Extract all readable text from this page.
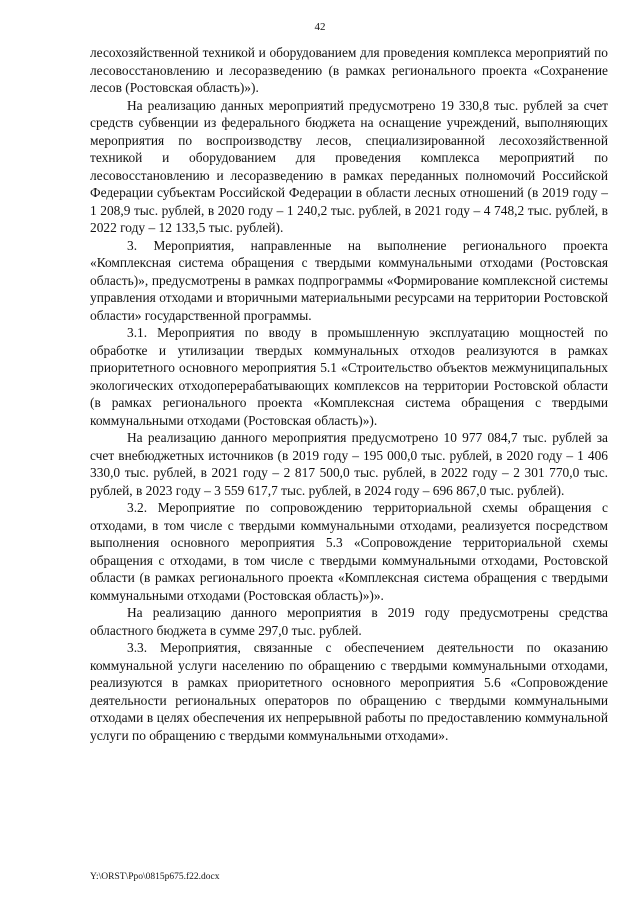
42

лесохозяйственной техникой и оборудованием для проведения комплекса мероприятий по лесовосстановлению и лесоразведению (в рамках регионального проекта «Сохранение лесов (Ростовская область)»).

На реализацию данных мероприятий предусмотрено 19 330,8 тыс. рублей за счет средств субвенции из федерального бюджета на оснащение учреждений, выполняющих мероприятия по воспроизводству лесов, специализированной лесохозяйственной техникой и оборудованием для проведения комплекса мероприятий по лесовосстановлению и лесоразведению в рамках переданных полномочий Российской Федерации субъектам Российской Федерации в области лесных отношений (в 2019 году – 1 208,9 тыс. рублей, в 2020 году – 1 240,2 тыс. рублей, в 2021 году – 4 748,2 тыс. рублей, в 2022 году – 12 133,5 тыс. рублей).

3. Мероприятия, направленные на выполнение регионального проекта «Комплексная система обращения с твердыми коммунальными отходами (Ростовская область)», предусмотрены в рамках подпрограммы «Формирование комплексной системы управления отходами и вторичными материальными ресурсами на территории Ростовской области» государственной программы.

3.1. Мероприятия по вводу в промышленную эксплуатацию мощностей по обработке и утилизации твердых коммунальных отходов реализуются в рамках приоритетного основного мероприятия 5.1 «Строительство объектов межмуниципальных экологических отходоперерабатывающих комплексов на территории Ростовской области (в рамках регионального проекта «Комплексная система обращения с твердыми коммунальными отходами (Ростовская область)»).

На реализацию данного мероприятия предусмотрено 10 977 084,7 тыс. рублей за счет внебюджетных источников (в 2019 году – 195 000,0 тыс. рублей, в 2020 году – 1 406 330,0 тыс. рублей, в 2021 году – 2 817 500,0 тыс. рублей, в 2022 году – 2 301 770,0 тыс. рублей, в 2023 году – 3 559 617,7 тыс. рублей, в 2024 году – 696 867,0 тыс. рублей).

3.2. Мероприятие по сопровождению территориальной схемы обращения с отходами, в том числе с твердыми коммунальными отходами, реализуется посредством выполнения основного мероприятия 5.3 «Сопровождение территориальной схемы обращения с отходами, в том числе с твердыми коммунальными отходами, Ростовской области (в рамках регионального проекта «Комплексная система обращения с твердыми коммунальными отходами (Ростовская область)»)».

На реализацию данного мероприятия в 2019 году предусмотрены средства областного бюджета в сумме 297,0 тыс. рублей.

3.3. Мероприятия, связанные с обеспечением деятельности по оказанию коммунальной услуги населению по обращению с твердыми коммунальными отходами, реализуются в рамках приоритетного основного мероприятия 5.6 «Сопровождение деятельности региональных операторов по обращению с твердыми коммунальными отходами в целях обеспечения их непрерывной работы по предоставлению коммунальной услуги по обращению с твердыми коммунальными отходами».

Y:\ORST\Ppo\0815p675.f22.docx
